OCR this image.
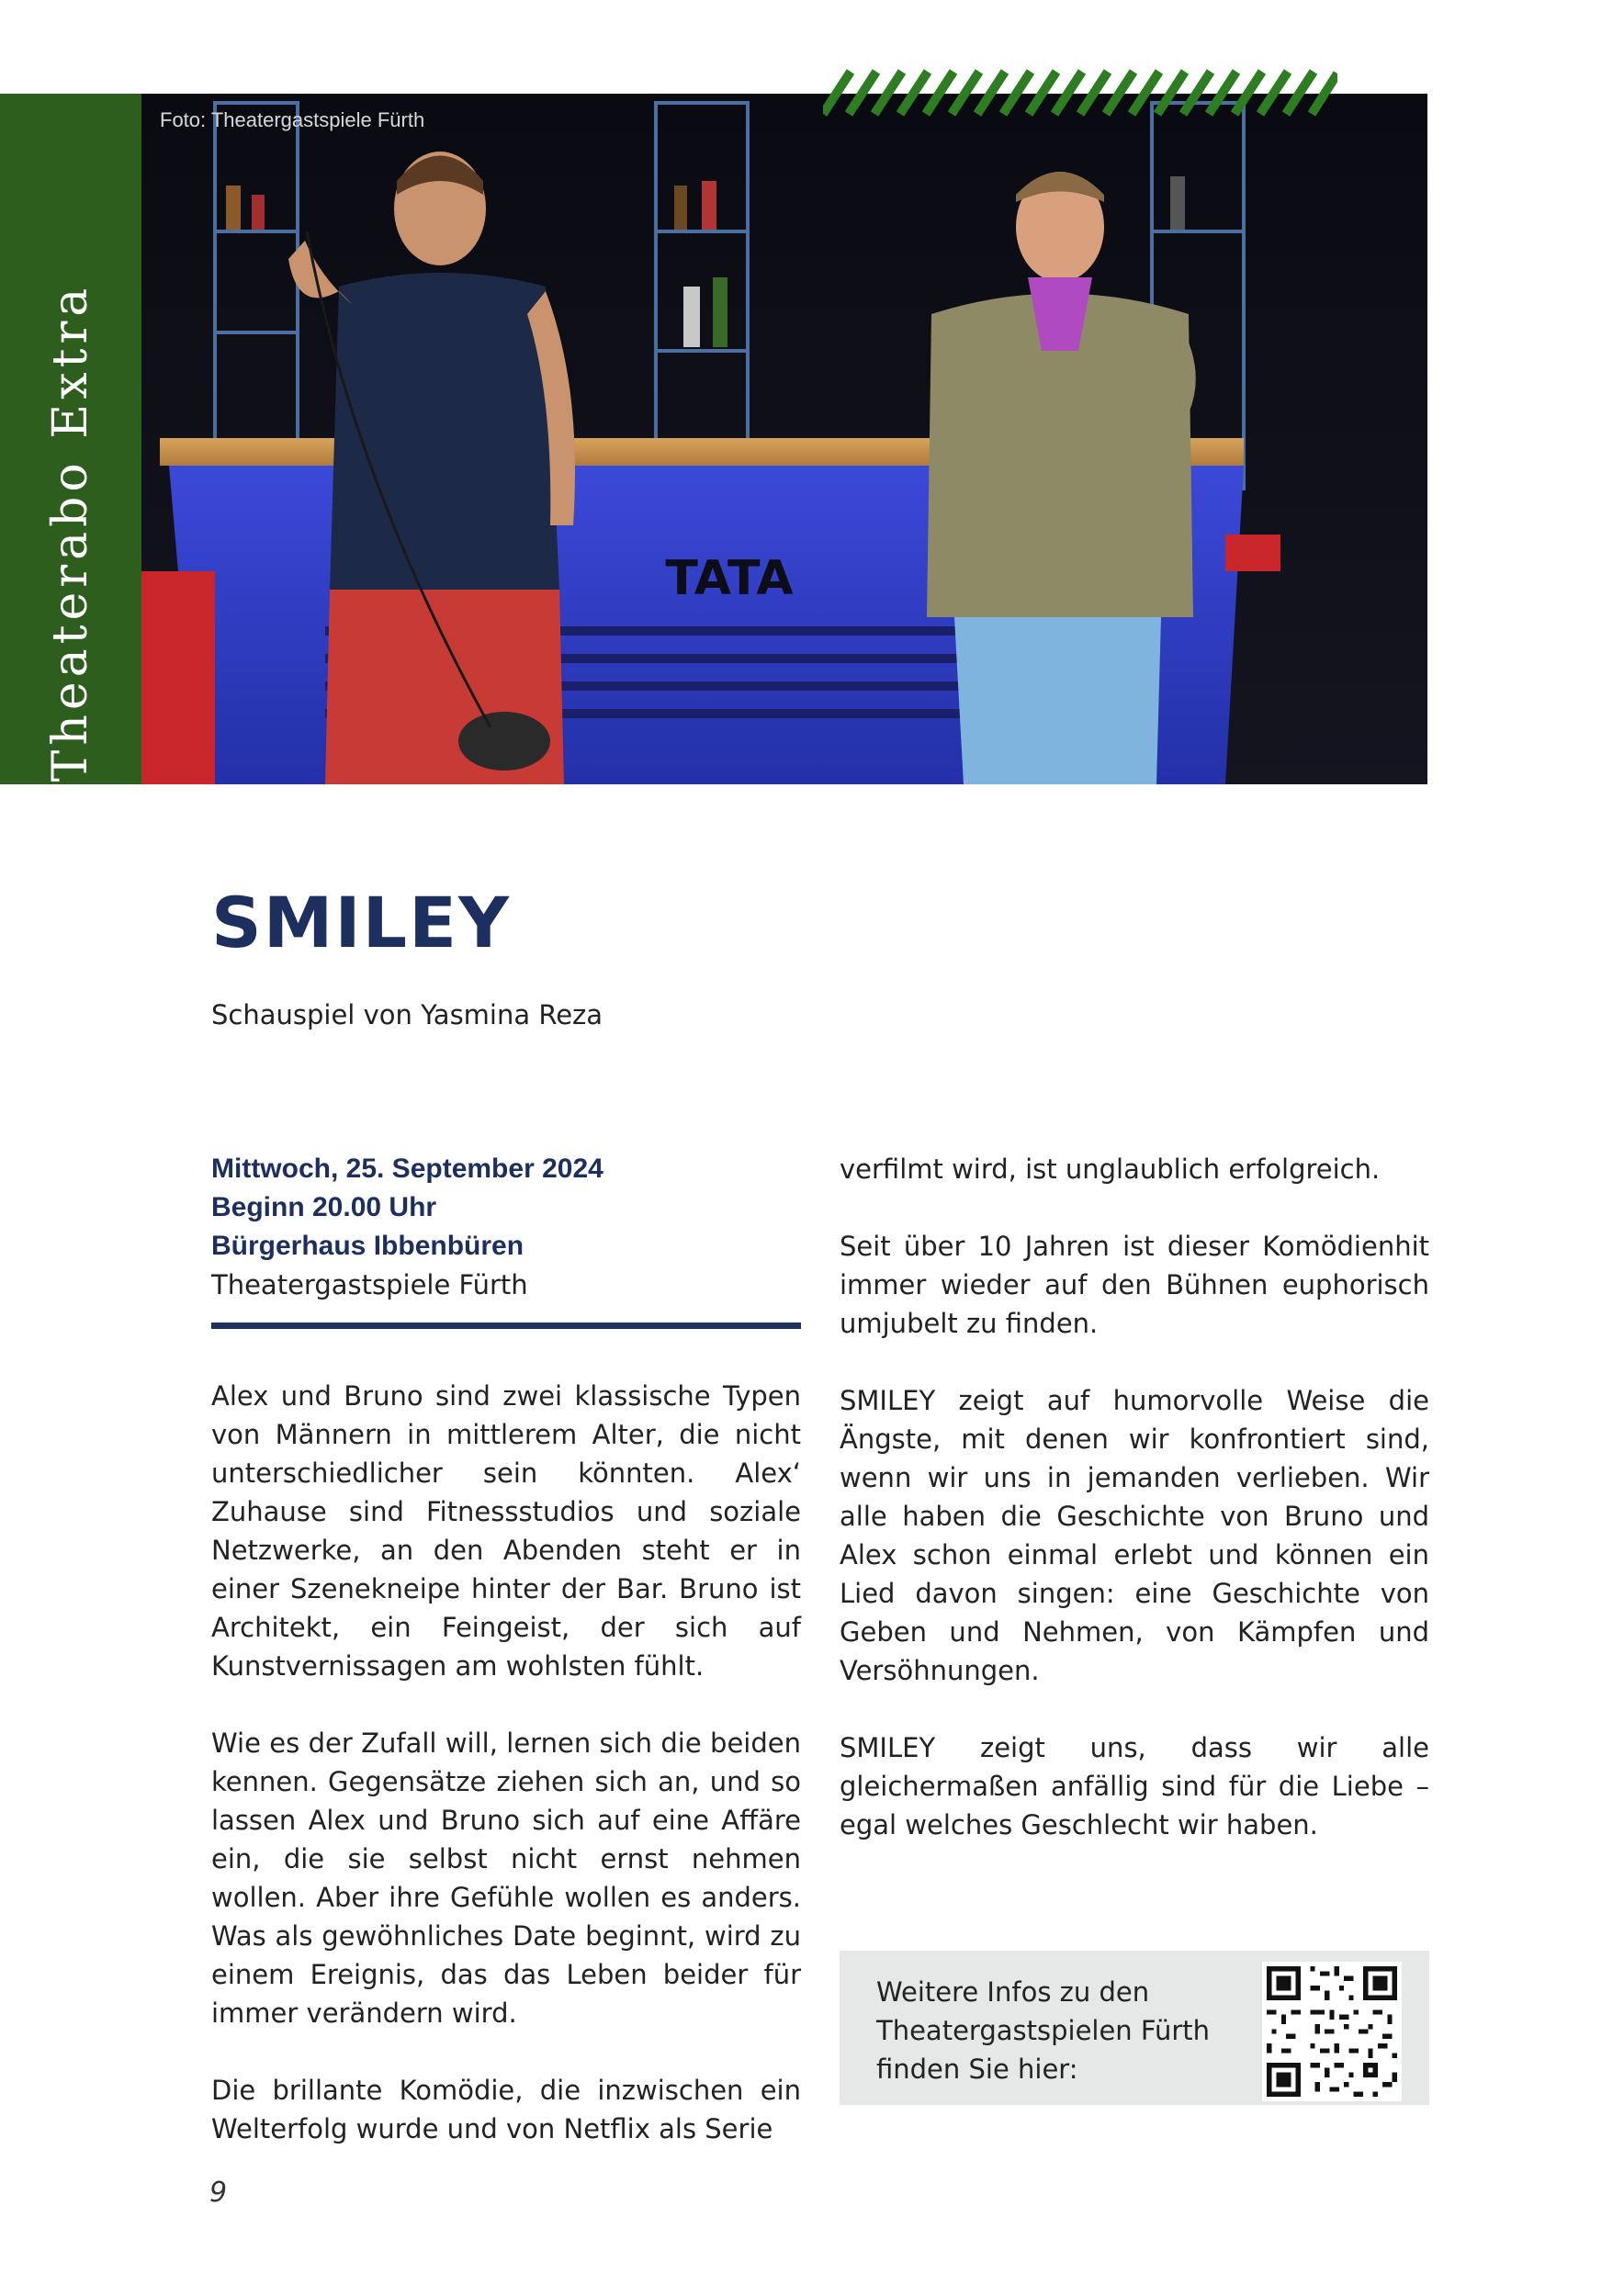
Theaterabo Extra	TATA
Foto: Theatergastspiele Fürth
SMILEY
Schauspiel von Yasmina Reza
Mittwoch, 25. September 2024
Beginn 20.00 Uhr
Bürgerhaus Ibbenbüren
Theatergastspiele Fürth

Alex und Bruno sind zwei klassische Typen von Männern in mittlerem Alter, die nicht unterschiedlicher sein könnten. Alex‘ Zuhause sind Fitnessstudios und soziale Netzwerke, an den Abenden steht er in einer Szenekneipe hinter der Bar. Bruno ist Architekt, ein Feingeist, der sich auf Kunstvernissagen am wohlsten fühlt.

Wie es der Zufall will, lernen sich die beiden kennen. Gegensätze ziehen sich an, und so lassen Alex und Bruno sich auf eine Affäre ein, die sie selbst nicht ernst nehmen wollen. Aber ihre Gefühle wollen es anders. Was als gewöhnliches Date beginnt, wird zu einem Ereignis, das das Leben beider für immer verändern wird.

Die brillante Komödie, die inzwischen ein Welterfolg wurde und von Netflix als Serie

verfilmt wird, ist unglaublich erfolgreich.

Seit über 10 Jahren ist dieser Komödienhit immer wieder auf den Bühnen euphorisch umjubelt zu finden.

SMILEY zeigt auf humorvolle Weise die Ängste, mit denen wir konfrontiert sind, wenn wir uns in jemanden verlieben. Wir alle haben die Geschichte von Bruno und Alex schon einmal erlebt und können ein Lied davon singen: eine Geschichte von Geben und Nehmen, von Kämpfen und Versöhnungen.

SMILEY zeigt uns, dass wir alle gleichermaßen anfällig sind für die Liebe – egal welches Geschlecht wir haben.

Weitere Infos zu den Theatergastspielen Fürth finden Sie hier:
9
